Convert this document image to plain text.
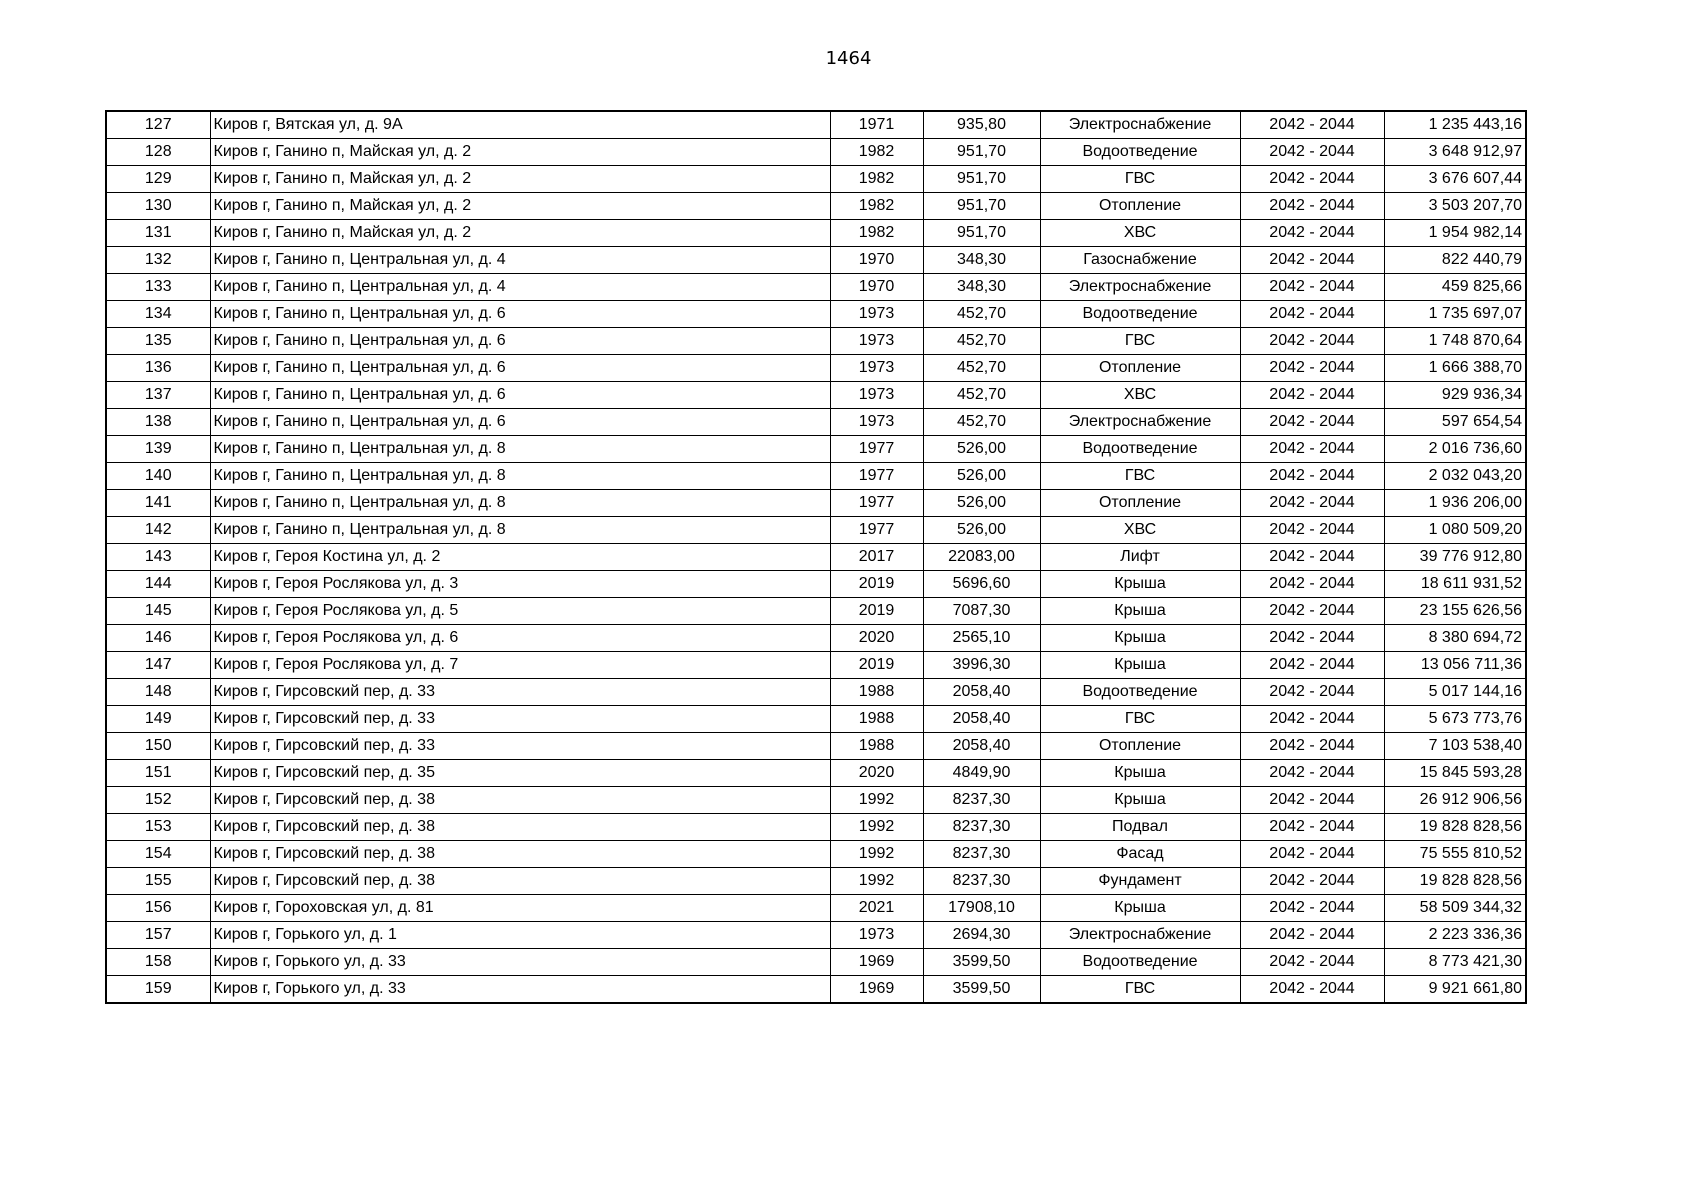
1464
127	Киров г, Вятская ул, д. 9А	1971	935,80	Электроснабжение	2042 - 2044	1 235 443,16
128	Киров г, Ганино п, Майская ул, д. 2	1982	951,70	Водоотведение	2042 - 2044	3 648 912,97
129	Киров г, Ганино п, Майская ул, д. 2	1982	951,70	ГВС	2042 - 2044	3 676 607,44
130	Киров г, Ганино п, Майская ул, д. 2	1982	951,70	Отопление	2042 - 2044	3 503 207,70
131	Киров г, Ганино п, Майская ул, д. 2	1982	951,70	ХВС	2042 - 2044	1 954 982,14
132	Киров г, Ганино п, Центральная ул, д. 4	1970	348,30	Газоснабжение	2042 - 2044	822 440,79
133	Киров г, Ганино п, Центральная ул, д. 4	1970	348,30	Электроснабжение	2042 - 2044	459 825,66
134	Киров г, Ганино п, Центральная ул, д. 6	1973	452,70	Водоотведение	2042 - 2044	1 735 697,07
135	Киров г, Ганино п, Центральная ул, д. 6	1973	452,70	ГВС	2042 - 2044	1 748 870,64
136	Киров г, Ганино п, Центральная ул, д. 6	1973	452,70	Отопление	2042 - 2044	1 666 388,70
137	Киров г, Ганино п, Центральная ул, д. 6	1973	452,70	ХВС	2042 - 2044	929 936,34
138	Киров г, Ганино п, Центральная ул, д. 6	1973	452,70	Электроснабжение	2042 - 2044	597 654,54
139	Киров г, Ганино п, Центральная ул, д. 8	1977	526,00	Водоотведение	2042 - 2044	2 016 736,60
140	Киров г, Ганино п, Центральная ул, д. 8	1977	526,00	ГВС	2042 - 2044	2 032 043,20
141	Киров г, Ганино п, Центральная ул, д. 8	1977	526,00	Отопление	2042 - 2044	1 936 206,00
142	Киров г, Ганино п, Центральная ул, д. 8	1977	526,00	ХВС	2042 - 2044	1 080 509,20
143	Киров г, Героя Костина ул, д. 2	2017	22083,00	Лифт	2042 - 2044	39 776 912,80
144	Киров г, Героя Рослякова ул, д. 3	2019	5696,60	Крыша	2042 - 2044	18 611 931,52
145	Киров г, Героя Рослякова ул, д. 5	2019	7087,30	Крыша	2042 - 2044	23 155 626,56
146	Киров г, Героя Рослякова ул, д. 6	2020	2565,10	Крыша	2042 - 2044	8 380 694,72
147	Киров г, Героя Рослякова ул, д. 7	2019	3996,30	Крыша	2042 - 2044	13 056 711,36
148	Киров г, Гирсовский пер, д. 33	1988	2058,40	Водоотведение	2042 - 2044	5 017 144,16
149	Киров г, Гирсовский пер, д. 33	1988	2058,40	ГВС	2042 - 2044	5 673 773,76
150	Киров г, Гирсовский пер, д. 33	1988	2058,40	Отопление	2042 - 2044	7 103 538,40
151	Киров г, Гирсовский пер, д. 35	2020	4849,90	Крыша	2042 - 2044	15 845 593,28
152	Киров г, Гирсовский пер, д. 38	1992	8237,30	Крыша	2042 - 2044	26 912 906,56
153	Киров г, Гирсовский пер, д. 38	1992	8237,30	Подвал	2042 - 2044	19 828 828,56
154	Киров г, Гирсовский пер, д. 38	1992	8237,30	Фасад	2042 - 2044	75 555 810,52
155	Киров г, Гирсовский пер, д. 38	1992	8237,30	Фундамент	2042 - 2044	19 828 828,56
156	Киров г, Гороховская ул, д. 81	2021	17908,10	Крыша	2042 - 2044	58 509 344,32
157	Киров г, Горького ул, д. 1	1973	2694,30	Электроснабжение	2042 - 2044	2 223 336,36
158	Киров г, Горького ул, д. 33	1969	3599,50	Водоотведение	2042 - 2044	8 773 421,30
159	Киров г, Горького ул, д. 33	1969	3599,50	ГВС	2042 - 2044	9 921 661,80
